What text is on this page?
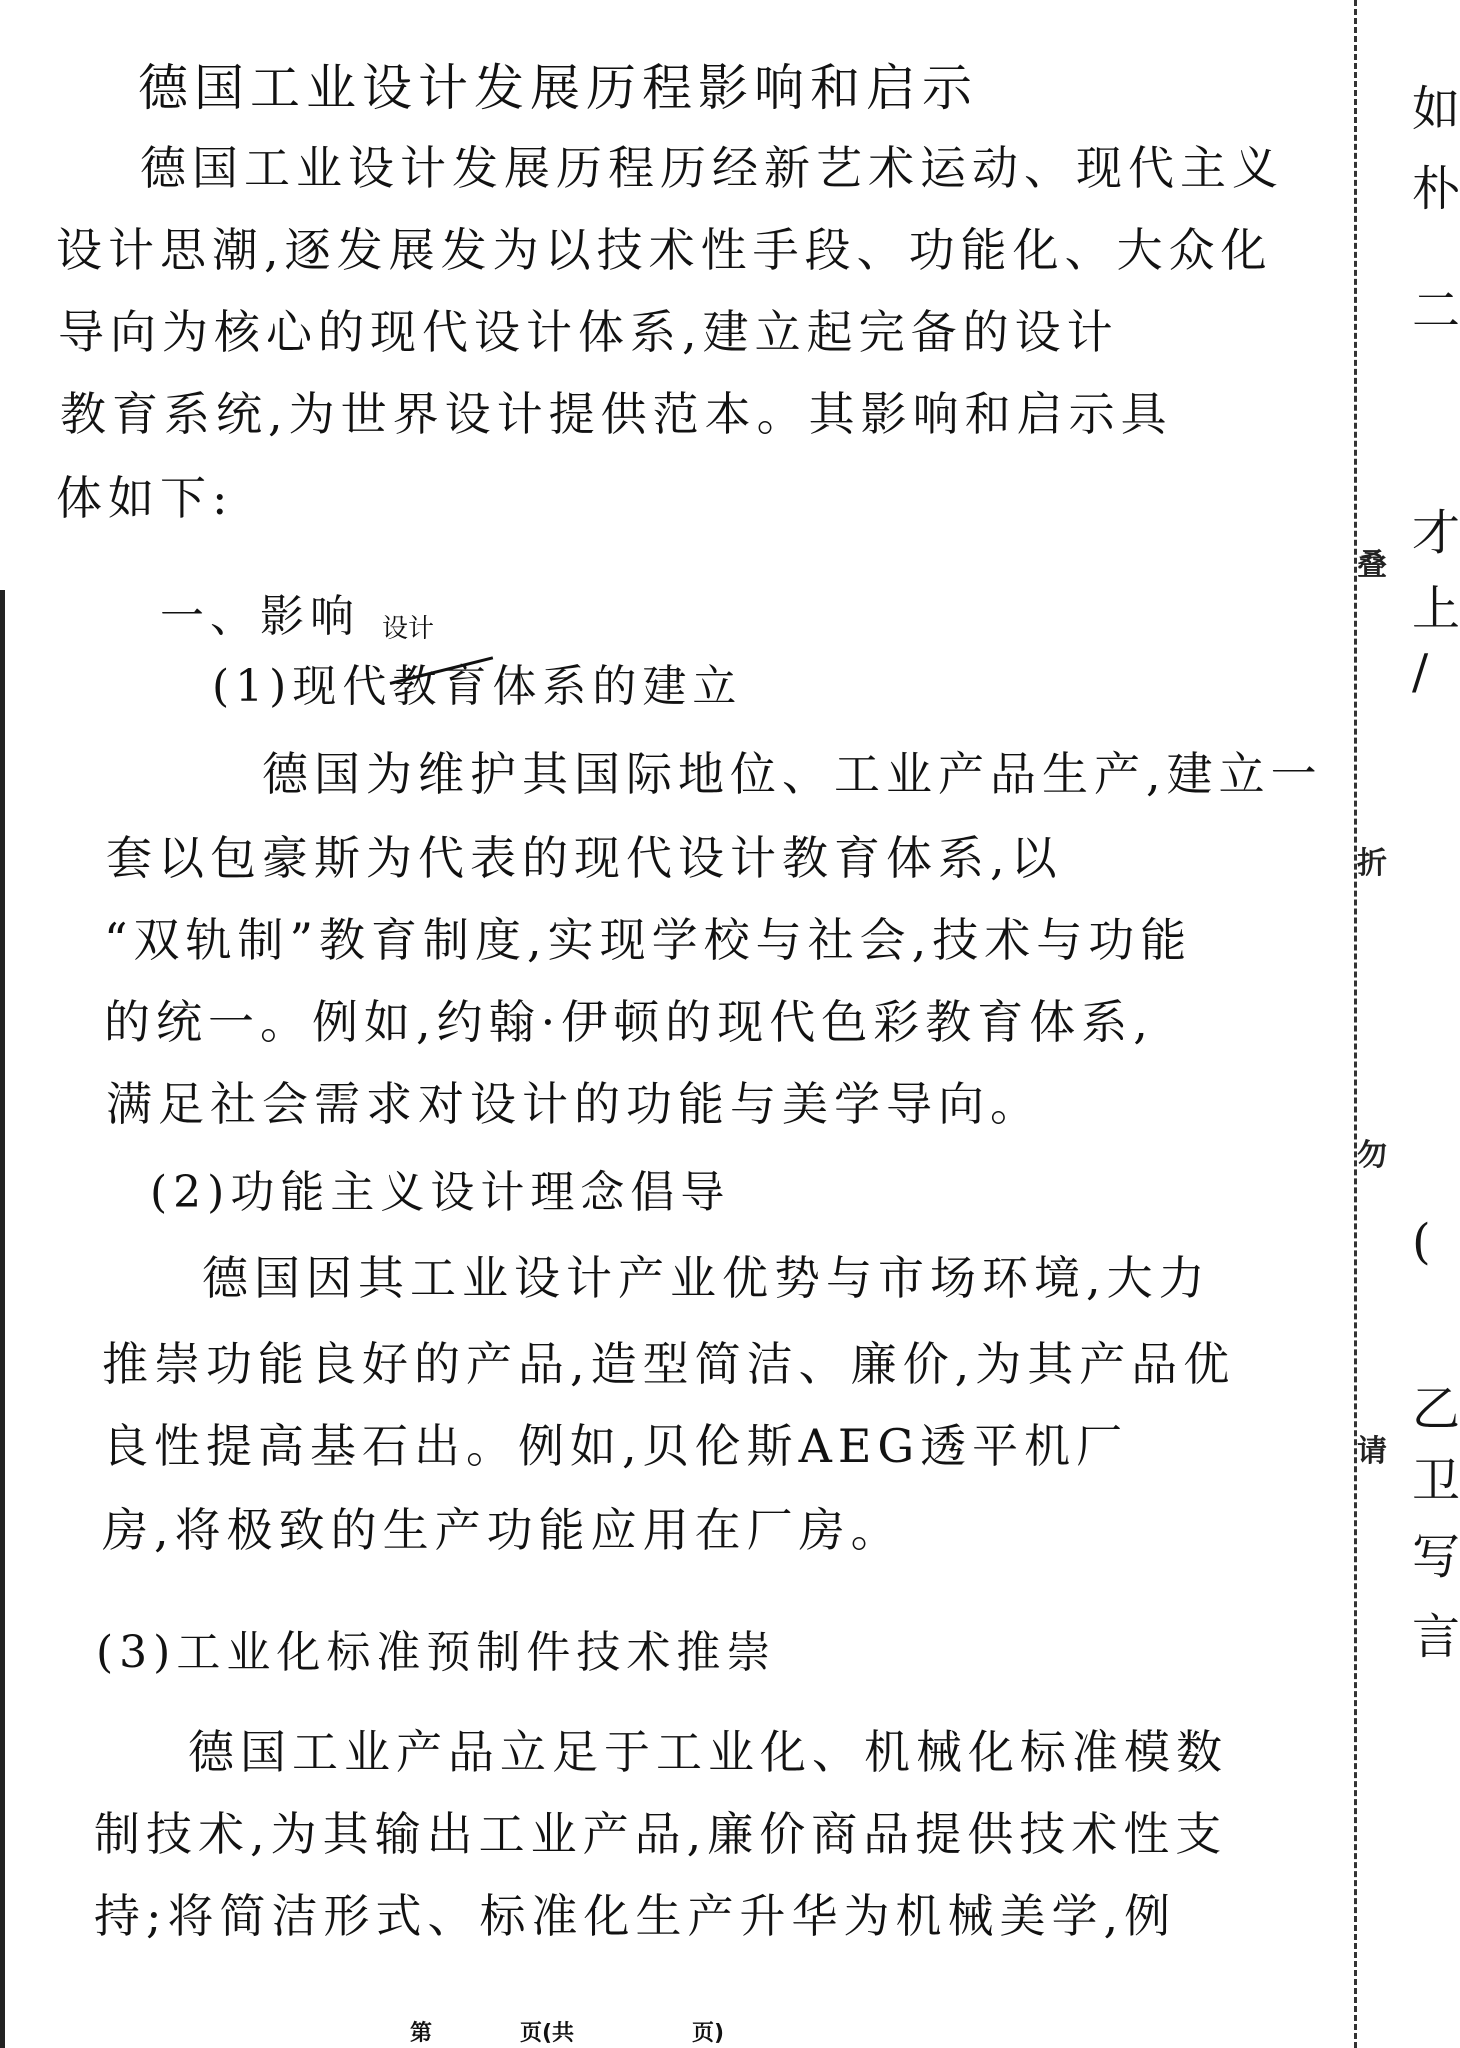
德国工业设计发展历程影响和启示
德国工业设计发展历程历经新艺术运动、现代主义
设计思潮,逐发展发为以技术性手段、功能化、大众化
导向为核心的现代设计体系,建立起完备的设计
教育系统,为世界设计提供范本。其影响和启示具
体如下:
一、影响 设计
(1)现代教育体系的建立
德国为维护其国际地位、工业产品生产,建立一
套以包豪斯为代表的现代设计教育体系,以
“双轨制”教育制度,实现学校与社会,技术与功能
的统一。例如,约翰·伊顿的现代色彩教育体系,
满足社会需求对设计的功能与美学导向。
(2)功能主义设计理念倡导
德国因其工业设计产业优势与市场环境,大力
推崇功能良好的产品,造型简洁、廉价,为其产品优
良性提高基石出。例如,贝伦斯AEG透平机厂
房,将极致的生产功能应用在厂房。
(3)工业化标准预制件技术推崇
德国工业产品立足于工业化、机械化标准模数
制技术,为其输出工业产品,廉价商品提供技术性支
持;将简洁形式、标准化生产升华为机械美学,例
叠
折
勿
请
如
朴
二
才
上
/
(
乙
卫
写
言
第	页(共	页)
